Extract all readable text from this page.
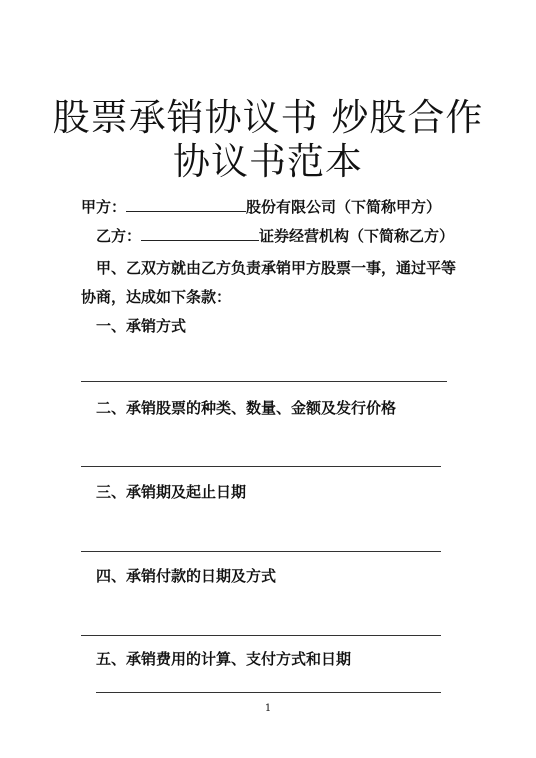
股票承销协议书 炒股合作
协议书范本
甲方：	股份有限公司（下简称甲方）
乙方：	证券经营机构（下简称乙方）
甲、乙双方就由乙方负责承销甲方股票一事，通过平等
协商，达成如下条款：
一、承销方式
二、承销股票的种类、数量、金额及发行价格
三、承销期及起止日期
四、承销付款的日期及方式
五、承销费用的计算、支付方式和日期
1
